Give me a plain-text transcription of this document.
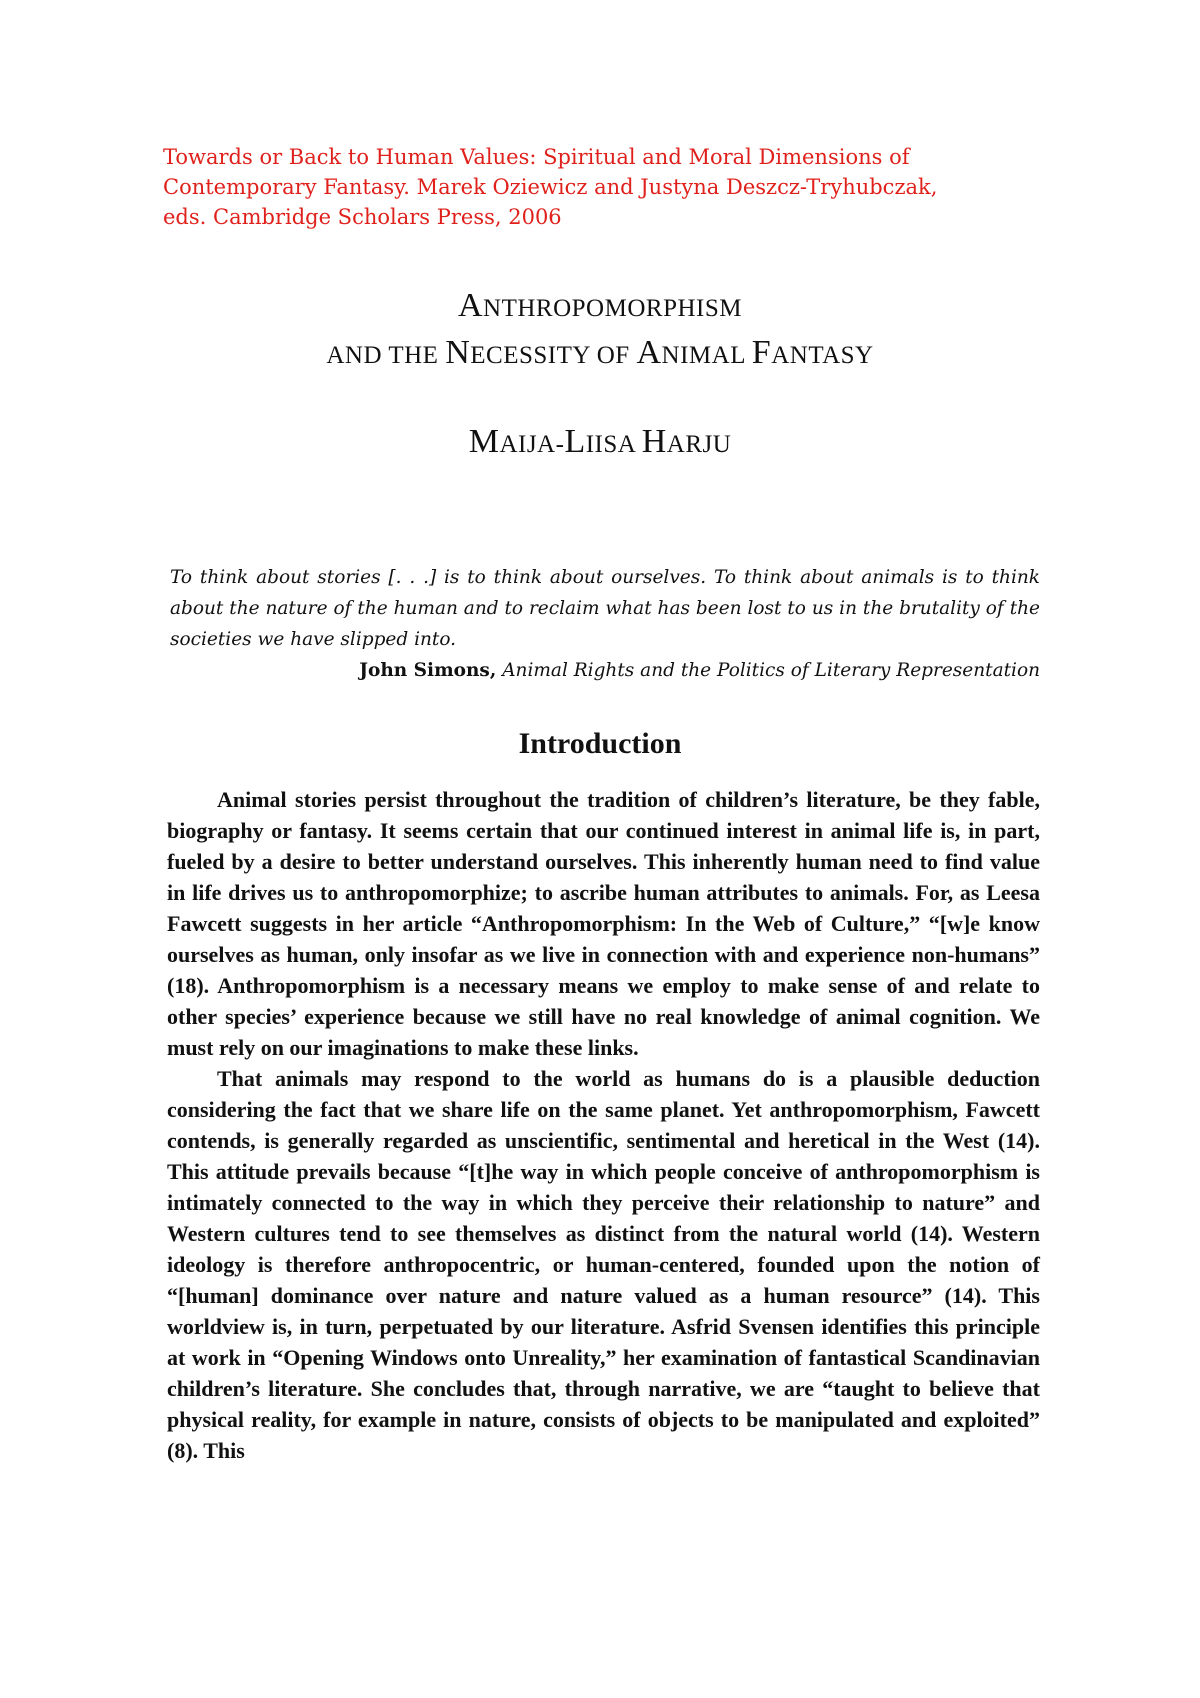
Towards or Back to Human Values: Spiritual and Moral Dimensions of
Contemporary Fantasy. Marek Oziewicz and Justyna Deszcz-Tryhubczak,
eds. Cambridge Scholars Press, 2006
ANTHROPOMORPHISM
AND THE NECESSITY OF ANIMAL FANTASY
MAIJA-LIISA HARJU
To think about stories [. . .] is to think about ourselves. To think about animals is to think about the nature of the human and to reclaim what has been lost to us in the brutality of the societies we have slipped into.
John Simons, Animal Rights and the Politics of Literary Representation
Introduction

Animal stories persist throughout the tradition of children’s literature, be they fable, biography or fantasy. It seems certain that our continued interest in animal life is, in part, fueled by a desire to better understand ourselves. This inherently human need to find value in life drives us to anthropomorphize; to ascribe human attributes to animals. For, as Leesa Fawcett suggests in her article “Anthropomorphism: In the Web of Culture,” “[w]e know ourselves as human, only insofar as we live in connection with and experience non-humans” (18). Anthropomorphism is a necessary means we employ to make sense of and relate to other species’ experience because we still have no real knowledge of animal cognition. We must rely on our imaginations to make these links.

That animals may respond to the world as humans do is a plausible deduction considering the fact that we share life on the same planet. Yet anthropomorphism, Fawcett contends, is generally regarded as unscientific, sentimental and heretical in the West (14). This attitude prevails because “[t]he way in which people conceive of anthropomorphism is intimately connected to the way in which they perceive their relationship to nature” and Western cultures tend to see themselves as distinct from the natural world (14). Western ideology is therefore anthropocentric, or human-centered, founded upon the notion of “[human] dominance over nature and nature valued as a human resource” (14). This worldview is, in turn, perpetuated by our literature. Asfrid Svensen identifies this principle at work in “Opening Windows onto Unreality,” her examination of fantastical Scandinavian children’s literature. She concludes that, through narrative, we are “taught to believe that physical reality, for example in nature, consists of objects to be manipulated and exploited” (8). This
